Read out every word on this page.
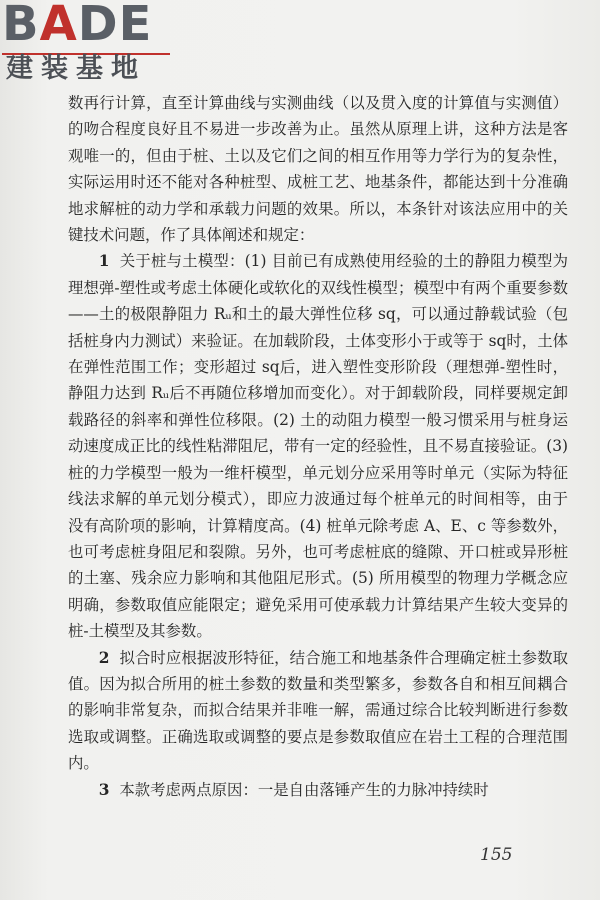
BADE
建装基地

数再行计算，直至计算曲线与实测曲线（以及贯入度的计算值与实测值）的吻合程度良好且不易进一步改善为止。虽然从原理上讲，这种方法是客观唯一的，但由于桩、土以及它们之间的相互作用等力学行为的复杂性，实际运用时还不能对各种桩型、成桩工艺、地基条件，都能达到十分准确地求解桩的动力学和承载力问题的效果。所以，本条针对该法应用中的关键技术问题，作了具体阐述和规定：

1 关于桩与土模型：(1) 目前已有成熟使用经验的土的静阻力模型为理想弹-塑性或考虑土体硬化或软化的双线性模型；模型中有两个重要参数——土的极限静阻力 Rᵤ和土的最大弹性位移 sq，可以通过静载试验（包括桩身内力测试）来验证。在加载阶段，土体变形小于或等于 sq时，土体在弹性范围工作；变形超过 sq后，进入塑性变形阶段（理想弹-塑性时，静阻力达到 Rᵤ后不再随位移增加而变化）。对于卸载阶段，同样要规定卸载路径的斜率和弹性位移限。(2) 土的动阻力模型一般习惯采用与桩身运动速度成正比的线性粘滞阻尼，带有一定的经验性，且不易直接验证。(3) 桩的力学模型一般为一维杆模型，单元划分应采用等时单元（实际为特征线法求解的单元划分模式），即应力波通过每个桩单元的时间相等，由于没有高阶项的影响，计算精度高。(4) 桩单元除考虑 A、E、c 等参数外，也可考虑桩身阻尼和裂隙。另外，也可考虑桩底的缝隙、开口桩或异形桩的土塞、残余应力影响和其他阻尼形式。(5) 所用模型的物理力学概念应明确，参数取值应能限定；避免采用可使承载力计算结果产生较大变异的桩-土模型及其参数。

2 拟合时应根据波形特征，结合施工和地基条件合理确定桩土参数取值。因为拟合所用的桩土参数的数量和类型繁多，参数各自和相互间耦合的影响非常复杂，而拟合结果并非唯一解，需通过综合比较判断进行参数选取或调整。正确选取或调整的要点是参数取值应在岩土工程的合理范围内。

3 本款考虑两点原因：一是自由落锤产生的力脉冲持续时

155
